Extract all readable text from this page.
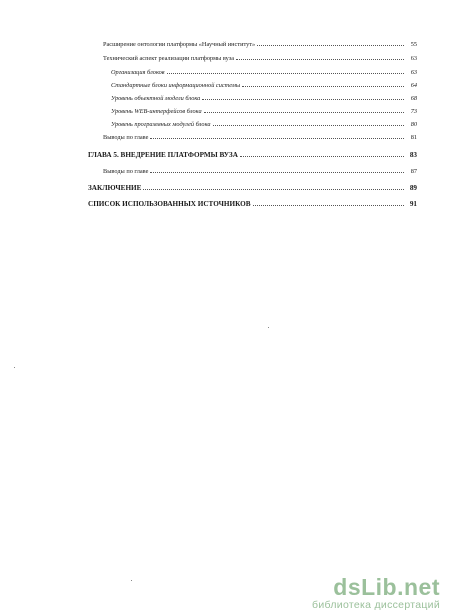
Расширение онтологии платформы «Научный институт»	55
Технический аспект реализации платформы вуза	63
Организация блоков	63
Стандартные блоки информационной системы	64
Уровень объектной модели блока	68
Уровень WEB-интерфейсов блока	73
Уровень программных модулей блока	80
Выводы по главе	81
ГЛАВА 5. ВНЕДРЕНИЕ ПЛАТФОРМЫ ВУЗА	83
Выводы по главе	87
ЗАКЛЮЧЕНИЕ	89
СПИСОК ИСПОЛЬЗОВАННЫХ ИСТОЧНИКОВ	91
dsLib.net
библиотека диссертаций
